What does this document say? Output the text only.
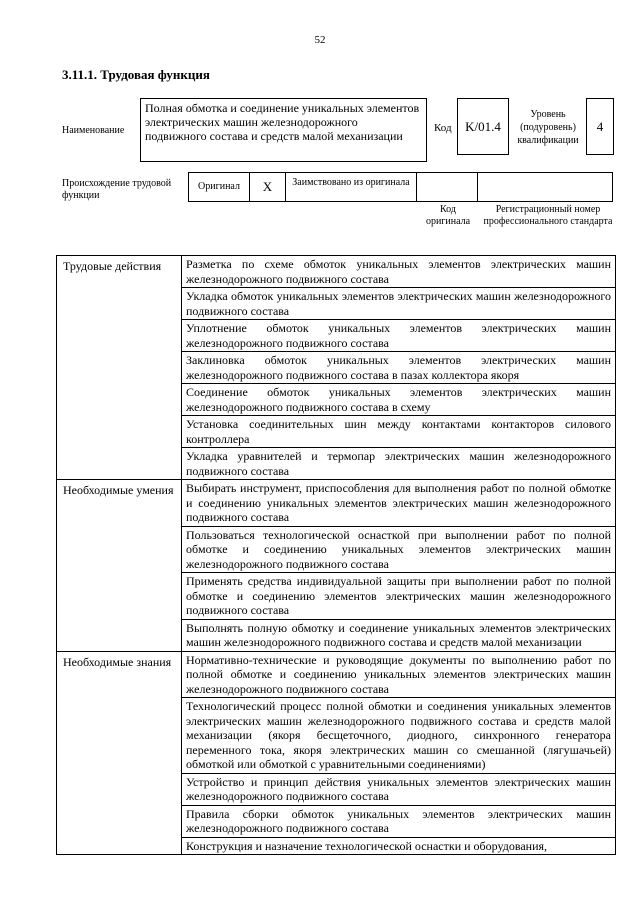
52
3.11.1. Трудовая функция
Наименование
Полная обмотка и соединение уникальных элементов электрических машин железнодорожного подвижного состава и средств малой механизации
Код	K/01.4
Уровень (подуровень) квалификации
4
Происхождение трудовой функции
Оригинал	X	Заимствовано из оригинала
Код оригинала
Регистрационный номер профессионального стандарта
Трудовые действия	Разметка по схеме обмоток уникальных элементов электрических машин железнодорожного подвижного состава
	Укладка обмоток уникальных элементов электрических машин железнодорожного подвижного состава
	Уплотнение обмоток уникальных элементов электрических машин железнодорожного подвижного состава
	Заклиновка обмоток уникальных элементов электрических машин железнодорожного подвижного состава в пазах коллектора якоря
	Соединение обмоток уникальных элементов электрических машин железнодорожного подвижного состава в схему
	Установка соединительных шин между контактами контакторов силового контроллера
	Укладка уравнителей и термопар электрических машин железнодорожного подвижного состава
Необходимые умения	Выбирать инструмент, приспособления для выполнения работ по полной обмотке и соединению уникальных элементов электрических машин железнодорожного подвижного состава
	Пользоваться технологической оснасткой при выполнении работ по полной обмотке и соединению уникальных элементов электрических машин железнодорожного подвижного состава
	Применять средства индивидуальной защиты при выполнении работ по полной обмотке и соединению элементов электрических машин железнодорожного подвижного состава
	Выполнять полную обмотку и соединение уникальных элементов электрических машин железнодорожного подвижного состава и средств малой механизации
Необходимые знания	Нормативно-технические и руководящие документы по выполнению работ по полной обмотке и соединению уникальных элементов электрических машин железнодорожного подвижного состава
	Технологический процесс полной обмотки и соединения уникальных элементов электрических машин железнодорожного подвижного состава и средств малой механизации (якоря бесщеточного, диодного, синхронного генератора переменного тока, якоря электрических машин со смешанной (лягушачьей) обмоткой или обмоткой с уравнительными соединениями)
	Устройство и принцип действия уникальных элементов электрических машин железнодорожного подвижного состава
	Правила сборки обмоток уникальных элементов электрических машин железнодорожного подвижного состава
	Конструкция и назначение технологической оснастки и оборудования,
